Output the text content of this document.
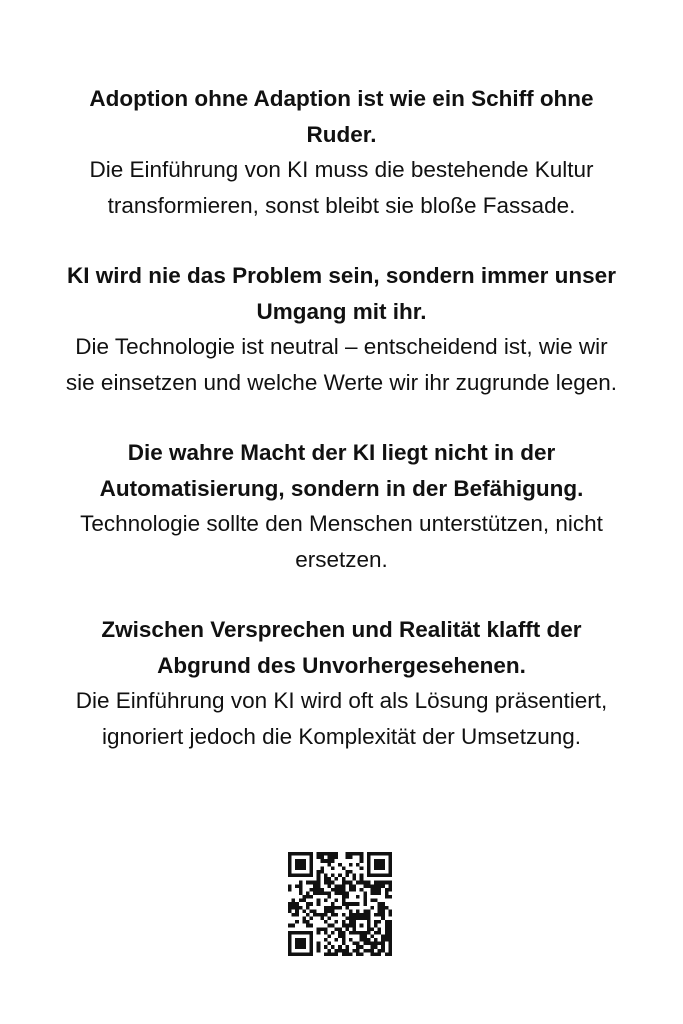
Adoption ohne Adaption ist wie ein Schiff ohne Ruder.
Die Einführung von KI muss die bestehende Kultur transformieren, sonst bleibt sie bloße Fassade.
KI wird nie das Problem sein, sondern immer unser Umgang mit ihr.
Die Technologie ist neutral – entscheidend ist, wie wir sie einsetzen und welche Werte wir ihr zugrunde legen.
Die wahre Macht der KI liegt nicht in der Automatisierung, sondern in der Befähigung.
Technologie sollte den Menschen unterstützen, nicht ersetzen.
Zwischen Versprechen und Realität klafft der Abgrund des Unvorhergesehenen.
Die Einführung von KI wird oft als Lösung präsentiert, ignoriert jedoch die Komplexität der Umsetzung.
